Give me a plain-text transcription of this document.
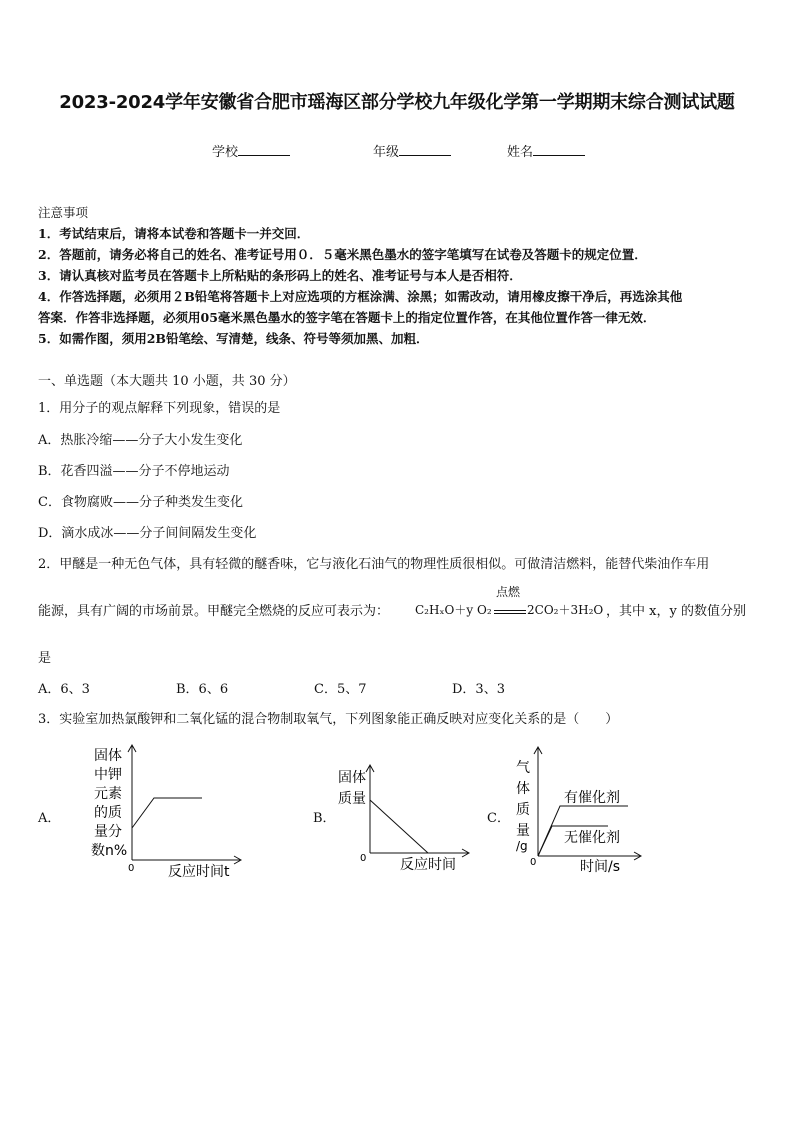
2023-2024学年安徽省合肥市瑶海区部分学校九年级化学第一学期期末综合测试试题
学校	年级	姓名
注意事项
1．考试结束后，请将本试卷和答题卡一并交回．
2．答题前，请务必将自己的姓名、准考证号用０．５毫米黑色墨水的签字笔填写在试卷及答题卡的规定位置．
3．请认真核对监考员在答题卡上所粘贴的条形码上的姓名、准考证号与本人是否相符．
4．作答选择题，必须用２B铅笔将答题卡上对应选项的方框涂满、涂黑；如需改动，请用橡皮擦干净后，再选涂其他
答案．作答非选择题，必须用05毫米黑色墨水的签字笔在答题卡上的指定位置作答，在其他位置作答一律无效．
5．如需作图，须用2B铅笔绘、写清楚，线条、符号等须加黑、加粗．
一、单选题（本大题共 10 小题，共 30 分）
1．用分子的观点解释下列现象，错误的是
A．热胀冷缩——分子大小发生变化
B．花香四溢——分子不停地运动
C．食物腐败——分子种类发生变化
D．滴水成冰——分子间间隔发生变化
2．甲醚是一种无色气体，具有轻微的醚香味，它与液化石油气的物理性质很相似。可做清洁燃料，能替代柴油作车用
能源，具有广阔的市场前景。甲醚完全燃烧的反应可表示为： C₂HₓO＋y O₂
点燃
2CO₂＋3H₂O ，其中 x，y 的数值分别
是
A．6、3	B．6、6	C．5、7	D．3、3
3．实验室加热氯酸钾和二氧化锰的混合物制取氧气，下列图象能正确反映对应变化关系的是（　　）
A．
固体
中钾
元素
的质
量分
数n%
0 反应时间t
B．
固体
质量
0 反应时间
C．
气
体
质
量
/g
有催化剂
无催化剂
0	时间/s
